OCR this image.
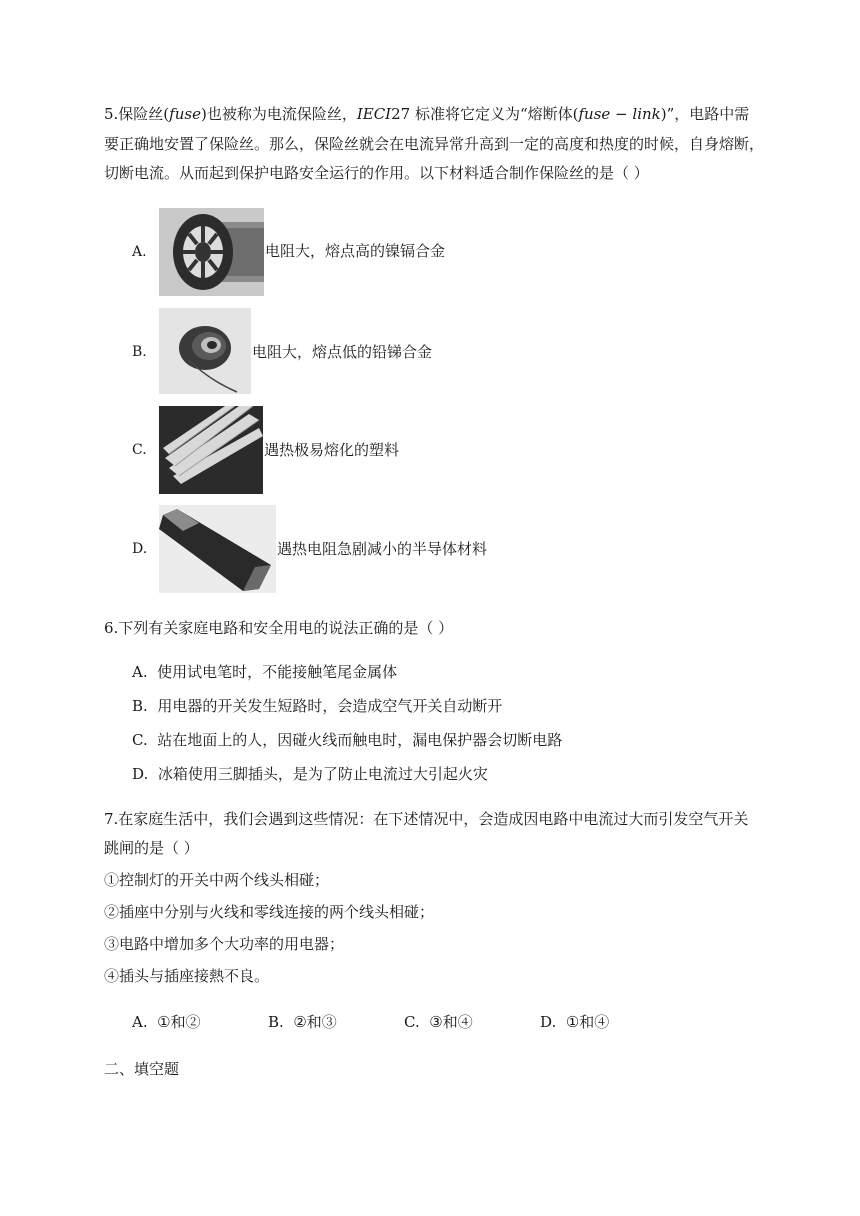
5.保险丝(fuse)也被称为电流保险丝，IECI27 标准将它定义为“熔断体(fuse − link)”，电路中需
要正确地安置了保险丝。那么，保险丝就会在电流异常升高到一定的高度和热度的时候，自身熔断，
切断电流。从而起到保护电路安全运行的作用。以下材料适合制作保险丝的是（ ）
A.	电阻大，熔点高的镍镉合金
B.	电阻大，熔点低的铅锑合金
C.	遇热极易熔化的塑料
D.	遇热电阻急剧减小的半导体材料
6.下列有关家庭电路和安全用电的说法正确的是（ ）
A. 使用试电笔时，不能接触笔尾金属体
B. 用电器的开关发生短路时，会造成空气开关自动断开
C. 站在地面上的人，因碰火线而触电时，漏电保护器会切断电路
D. 冰箱使用三脚插头，是为了防止电流过大引起火灾
7.在家庭生活中，我们会遇到这些情况：在下述情况中，会造成因电路中电流过大而引发空气开关
跳闸的是（ ）
①控制灯的开关中两个线头相碰；
②插座中分别与火线和零线连接的两个线头相碰；
③电路中增加多个大功率的用电器；
④插头与插座接熱不良。
A. ①和②	B. ②和③	C. ③和④	D. ①和④
二、填空题
